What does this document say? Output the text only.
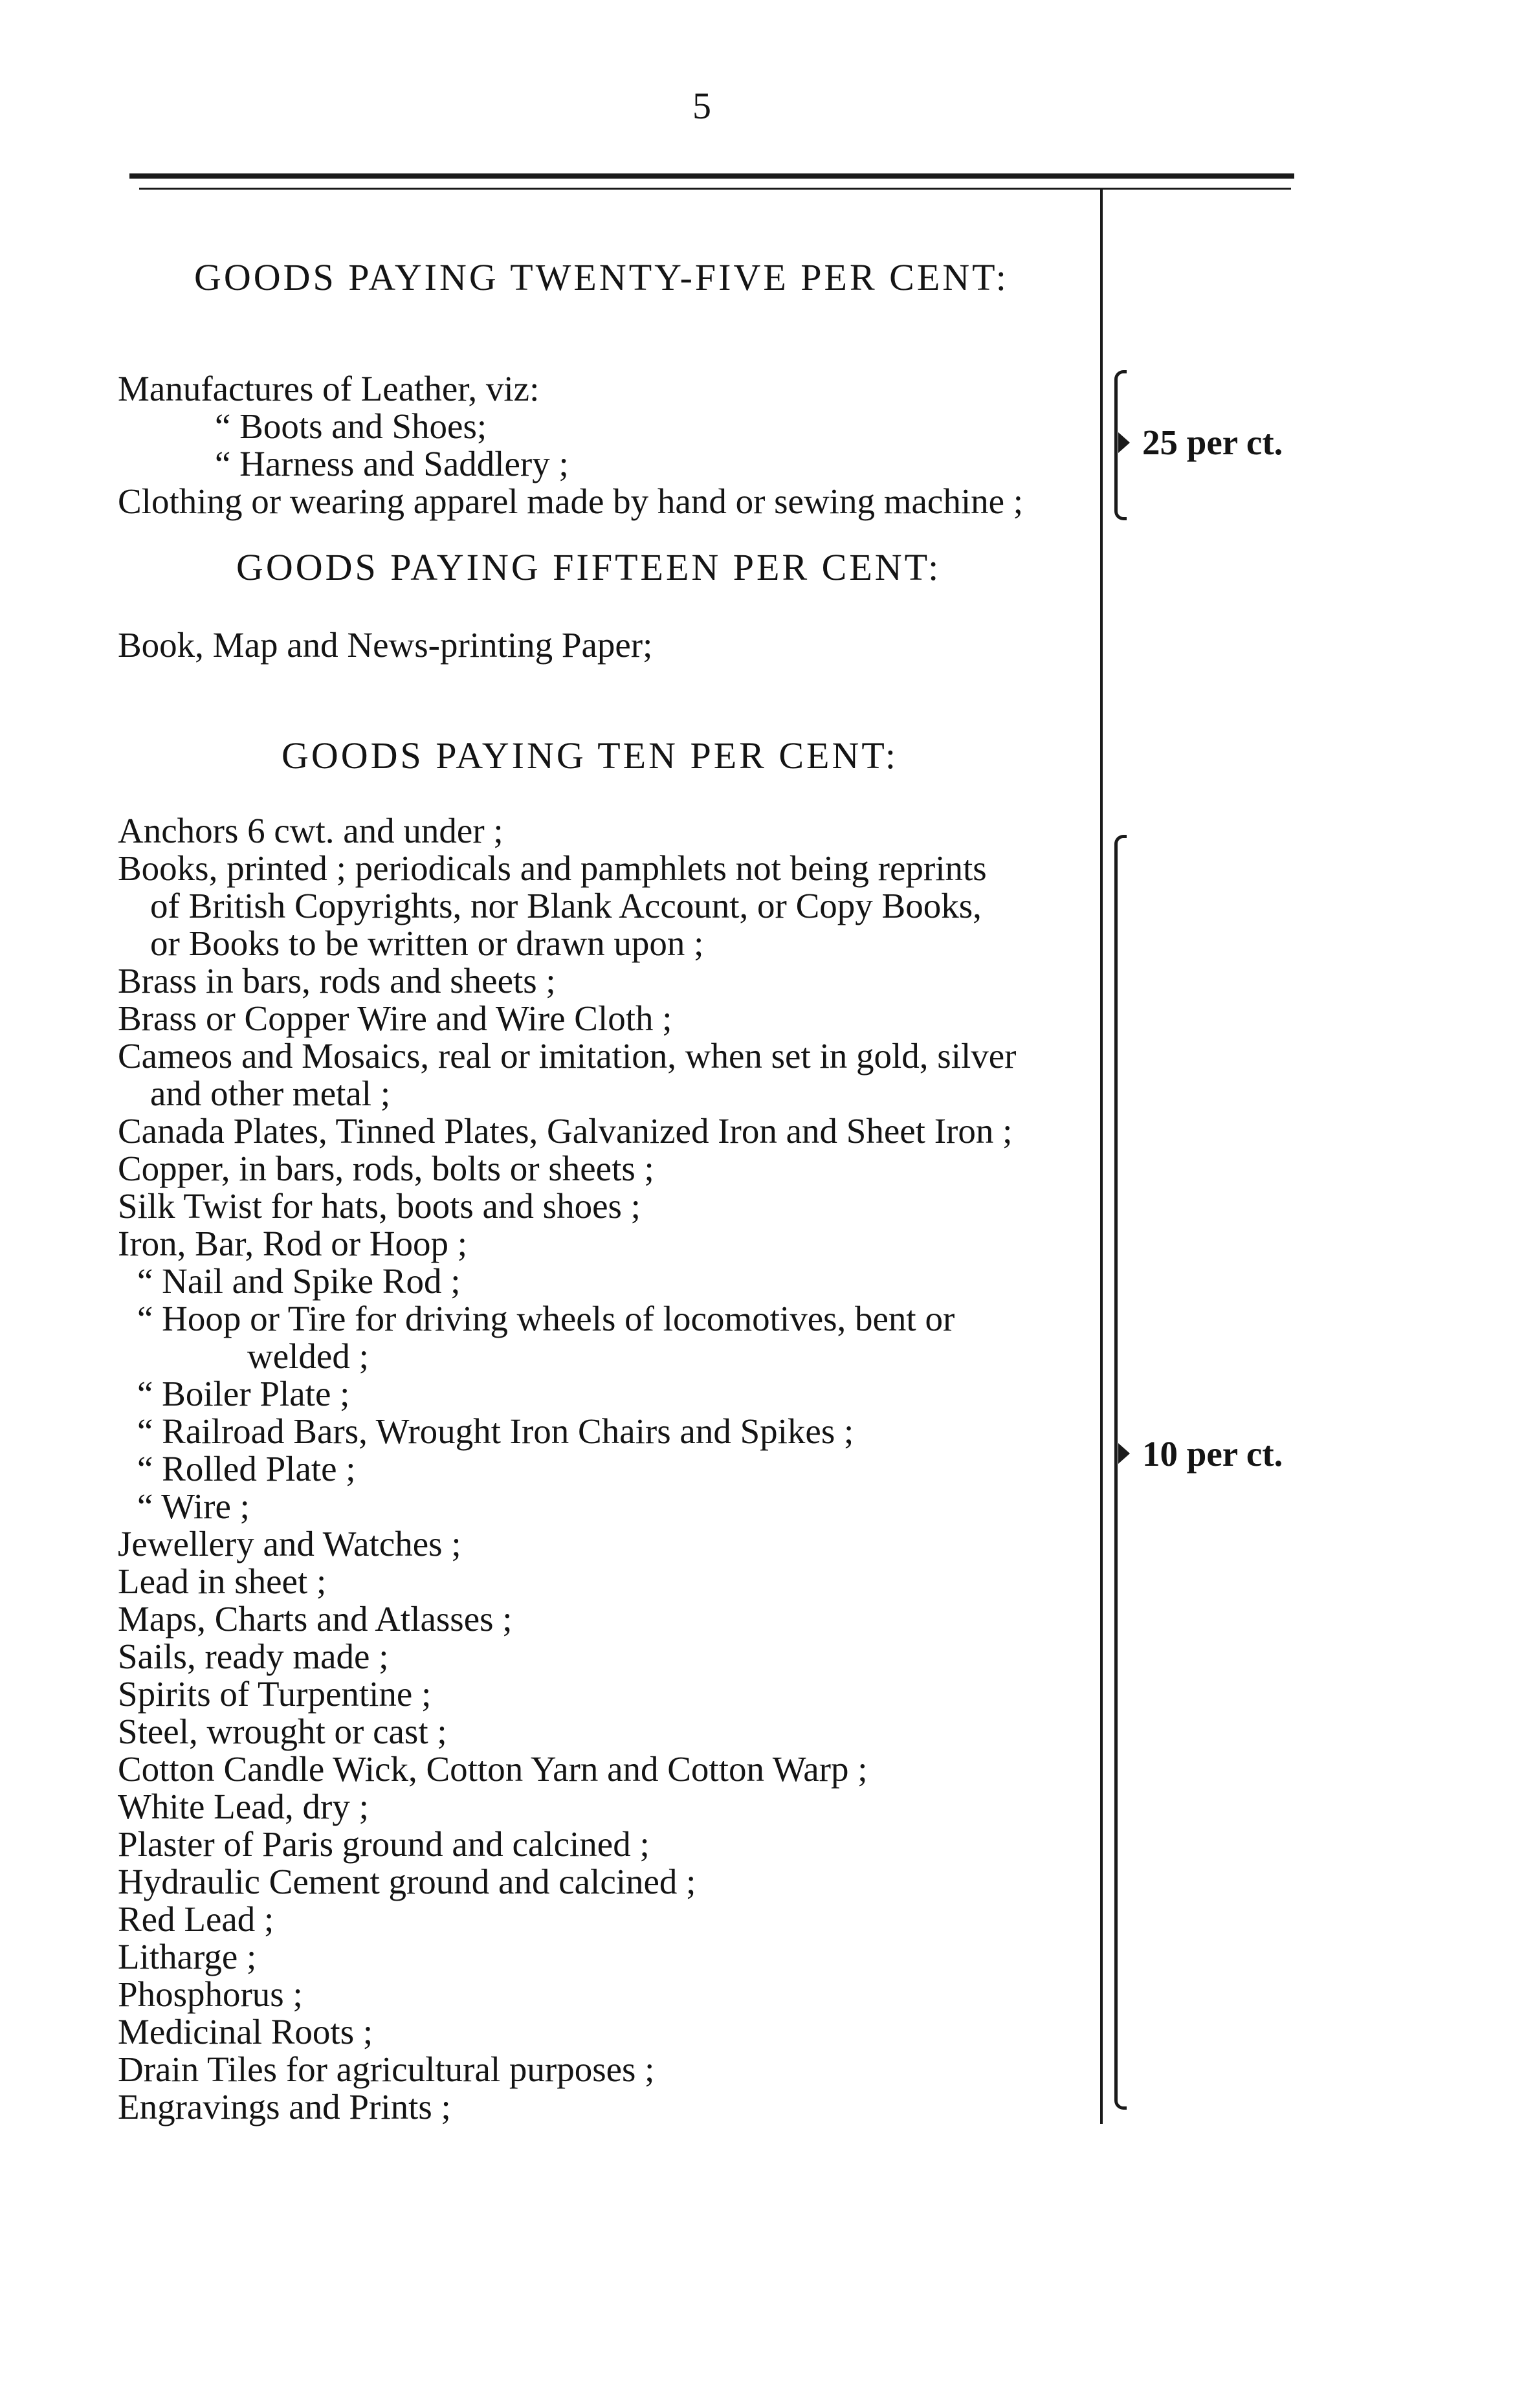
5
GOODS PAYING TWENTY-FIVE PER CENT:
Manufactures of Leather, viz:
“ Boots and Shoes;
“ Harness and Saddlery ;
Clothing or wearing apparel made by hand or sewing machine ;
25 per ct.
GOODS PAYING FIFTEEN PER CENT:
Book, Map and News-printing Paper;
GOODS PAYING TEN PER CENT:
Anchors 6 cwt. and under ;
Books, printed ; periodicals and pamphlets not being reprints
of British Copyrights, nor Blank Account, or Copy Books,
or Books to be written or drawn upon ;
Brass in bars, rods and sheets ;
Brass or Copper Wire and Wire Cloth ;
Cameos and Mosaics, real or imitation, when set in gold, silver
and other metal ;
Canada Plates, Tinned Plates, Galvanized Iron and Sheet Iron ;
Copper, in bars, rods, bolts or sheets ;
Silk Twist for hats, boots and shoes ;
Iron, Bar, Rod or Hoop ;
“ Nail and Spike Rod ;
“ Hoop or Tire for driving wheels of locomotives, bent or
welded ;
“ Boiler Plate ;
“ Railroad Bars, Wrought Iron Chairs and Spikes ;
“ Rolled Plate ;
“ Wire ;
Jewellery and Watches ;
Lead in sheet ;
Maps, Charts and Atlasses ;
Sails, ready made ;
Spirits of Turpentine ;
Steel, wrought or cast ;
Cotton Candle Wick, Cotton Yarn and Cotton Warp ;
White Lead, dry ;
Plaster of Paris ground and calcined ;
Hydraulic Cement ground and calcined ;
Red Lead ;
Litharge ;
Phosphorus ;
Medicinal Roots ;
Drain Tiles for agricultural purposes ;
Engravings and Prints ;
10 per ct.
